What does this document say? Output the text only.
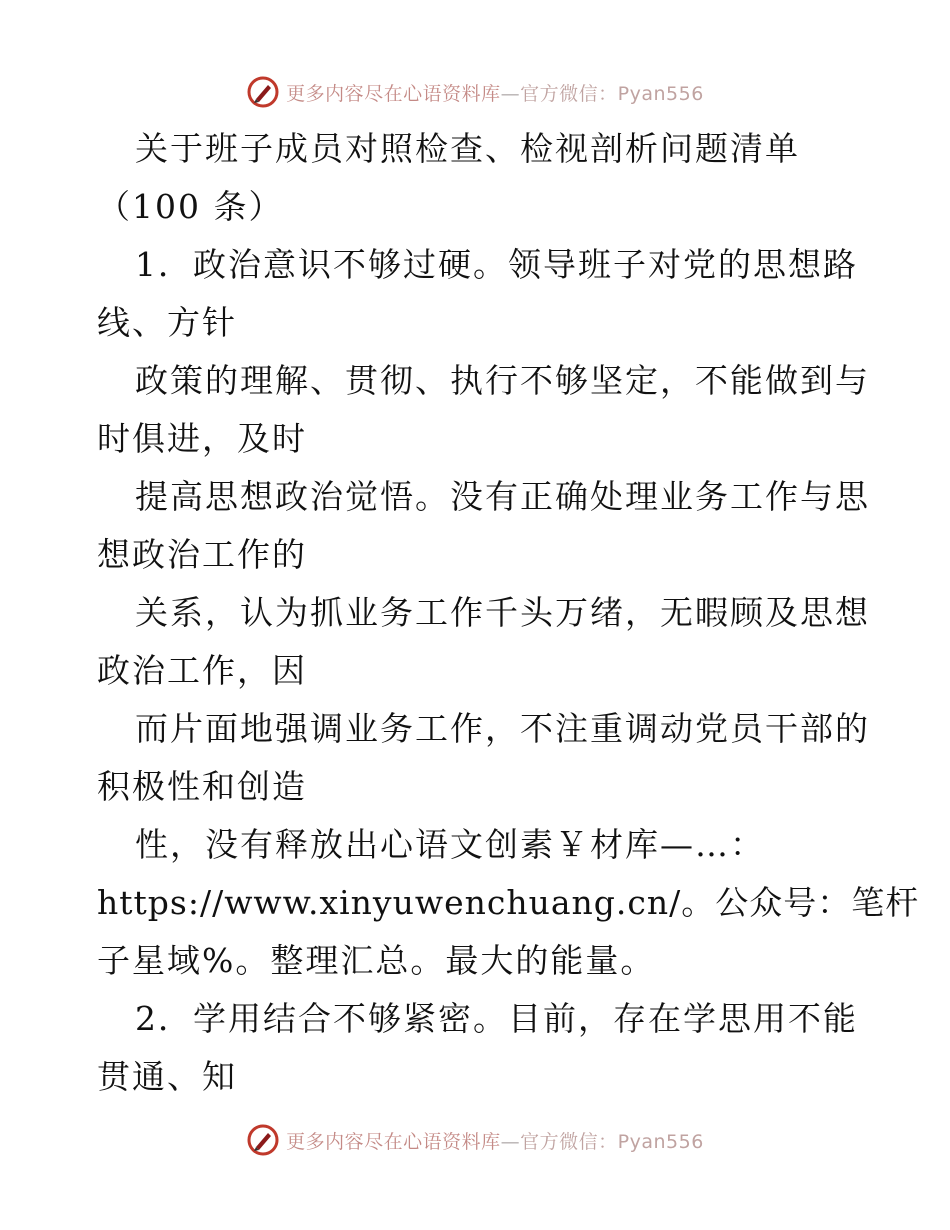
更多内容尽在心语资料库—官方微信：Pyan556
关于班子成员对照检查、检视剖析问题清单
（100 条）
1．政治意识不够过硬。领导班子对党的思想路
线、方针
政策的理解、贯彻、执行不够坚定，不能做到与
时俱进，及时
提高思想政治觉悟。没有正确处理业务工作与思
想政治工作的
关系，认为抓业务工作千头万绪，无暇顾及思想
政治工作，因
而片面地强调业务工作，不注重调动党员干部的
积极性和创造
性，没有释放出心语文创素￥材库—…：
https://www.xinyuwenchuang.cn/。公众号：笔杆
子星域%。整理汇总。最大的能量。
2．学用结合不够紧密。目前，存在学思用不能
贯通、知
更多内容尽在心语资料库—官方微信：Pyan556
